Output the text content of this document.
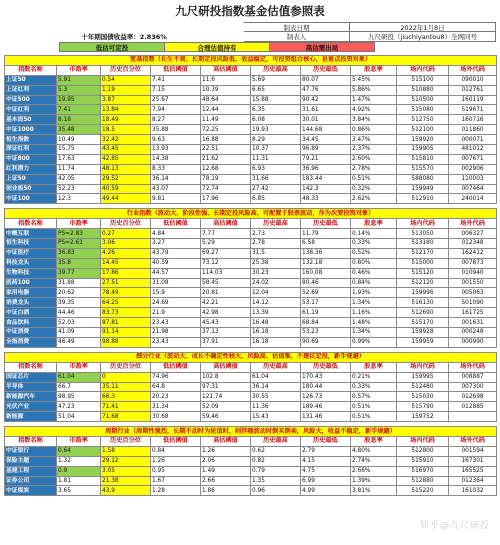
九尺研投指数基金估值参照表
制表日期	2022年1月8日
十年期国债收益率：2.836%	制表人	九尺研投（jiuchiyantou8）全网同号
低估可定投	合理估值持有	高估需出局
宽基指数（长生不衰、长期定投风险低、收益稳定，可投资组合核心，是重点投资对象）									
指数名称	市盈率	历史百分位	低估阈值	高估阈值	历史最高	历史最低	股息率	场内代码	场外代码
上证50	5.91	0.54	7.41	11.6	5.69	80.07	5.45%	515100	090010
上证红利	5.3	1.19	7.15	10.39	6.65	47.76	5.86%	510880	012761
中证500	19.95	3.87	25.67	48.64	15.88	90.42	1.47%	510500	160119
中证红利	7.41	13.84	7.94	12.44	6.35	31.61	4.92%	515080	519671
基本面50	8.18	18.49	8.27	11.49	6.08	30.01	3.84%	512750	160716
中证1000	35.48	18.5	35.88	72.25	19.93	144.68	0.86%	512100	011860
恒生指数	10.49	32.42	9.63	16.88	8.29	34.45	3.47%	159920	000071
深证红利	15.75	43.45	13.93	22.51	10.37	96.89	2.37%	159905	481012
中证800	17.63	42.85	14.38	21.62	11.31	79.21	2.60%	515810	007671
红利潜力	11.74	48.13	8.33	12.68	6.93	36.96	2.78%	515570	002906
上证50	42.05	29.52	36.14	78.19	31.66	183.44	0.51%	588080	110003
创业板50	52.23	40.59	43.07	72.74	27.42	142.3	0.32%	159949	007464
中证100	12.3	49.44	9.81	17.96	6.85	48.33	2.62%	512910	240014
行业指数（波动大、阶段性强、长期定投风险高，可配置于股票波动，作为次要投资对象）									
指数名称	市盈率	历史百分位	低估阈值	高估阈值	历史最高	历史最低	股息率	场内代码	场外代码
中概互联	PS=2.83	0.27	4.84	7.77	2.73	11.79	0.14%	513050	006327
恒生科技	PS=2.61	3.06	3.27	5.29	2.78	6.58	0.33%	513180	012348
中证医疗	36.83	4.26	43.79	69.27	31.5	138.36	0.52%	512170	162412
科技龙头	35.8	14.45	40.59	73.12	25.38	132.18	0.80%	515000	007873
生物科技	39.77	17.86	44.57	114.03	30.23	160.08	0.46%	515120	010940
医药100	31.88	27.51	31.08	58.45	24.02	80.46	0.84%	512120	001550
家用电器	20.62	78.49	15.9	20.81	12.04	52.69	1.93%	159996	005063
消费龙头	39.35	64.25	24.69	42.21	14.12	53.17	1.34%	516130	501090
中证白酒	44.46	83.73	21.9	42.98	13.39	61.19	1.16%	512690	161725
食品饮料	52.03	87.81	23.43	45.43	16.48	68.84	1.48%	515170	001631
中证消费	41.09	91.14	21.98	37.13	16.18	53.23	1.34%	159928	000248
全指消费	46.49	98.88	23.43	37.91	16.18	90.69	0.99%	159959	000990
细分行业（波动大、成长不确定性较大、风险高、估值难，不建议定投，新手规避）									
指数名称	市盈率	历史百分位	低估阈值	高估阈值	历史最高	历史最低	股息率	场内代码	场外代码
国证芯片	61.04	0	74.96	102.8	61.04	170.43	0.21%	159995	008887
半导体	66.7	35.11	64.8	97.31	36.14	180.44	0.33%	512480	007300
新能源汽车	98.95	66.3	20.23	121.74	30.55	126.73	0.57%	515030	012698
光伏产业	47.23	71.41	31.34	52.09	11.36	189.46	0.51%	515790	012885
新能源	51.04	71.68	30.68	59.46	15.43	131.46	0.51%	159752	
周期行业（周期性强烈，长期不动时为轮值时，则伴随波动时倒买倒卖，风险大，收益不稳定，新手规避）									
指数名称	市盈率	历史百分位	低估阈值	高估阈值	历史最高	历史最低	股息率	场内代码	场外代码
中证银行	0.64	1.58	0.84	1.26	0.62	2.79	4.80%	512800	001594
保险主题	1.32	29.12	1.26	2.06	0.82	4.15	2.74%	515910	167301
基建工程	0.9	3.05	0.95	1.49	0.79	4.75	2.66%	516970	165525
证券公司	1.81	21.38	1.67	2.66	1.35	6.99	1.39%	512880	012364
中证煤炭	3.65	43.9	1.28	1.86	0.96	4.99	3.81%	515220	161032
知乎@九尺研投
